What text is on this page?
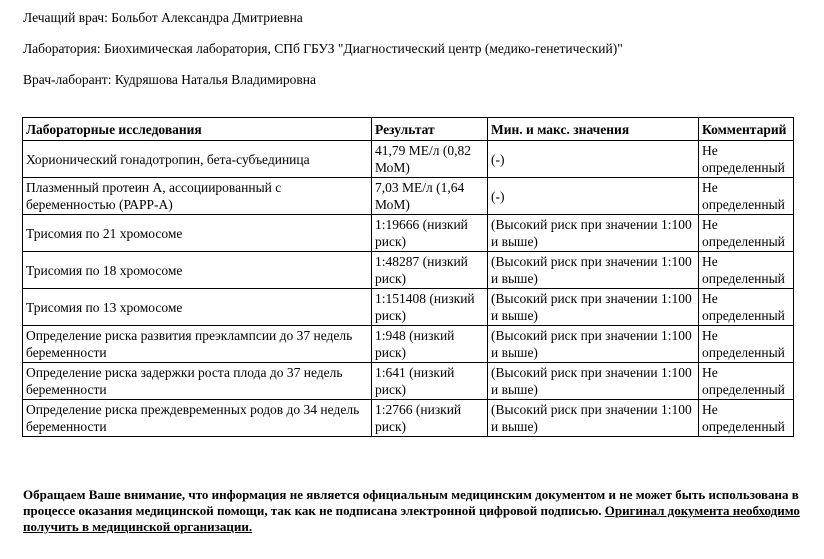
Лечащий врач: Больбот Александра Дмитриевна
Лаборатория: Биохимическая лаборатория, СПб ГБУЗ "Диагностический центр (медико-генетический)"
Врач-лаборант: Кудряшова Наталья Владимировна
Лабораторные исследования	Результат	Мин. и макс. значения	Комментарий
Хорионический гонадотропин, бета-субъединица	41,79 МЕ/л (0,82 МоМ)	(-)	Не определенный
Плазменный протеин А, ассоциированный с беременностью (РАРР-А)	7,03 МЕ/л (1,64 МоМ)	(-)	Не определенный
Трисомия по 21 хромосоме	1:19666 (низкий риск)	(Высокий риск при значении 1:100 и выше)	Не определенный
Трисомия по 18 хромосоме	1:48287 (низкий риск)	(Высокий риск при значении 1:100 и выше)	Не определенный
Трисомия по 13 хромосоме	1:151408 (низкий риск)	(Высокий риск при значении 1:100 и выше)	Не определенный
Определение риска развития преэклампсии до 37 недель беременности	1:948 (низкий риск)	(Высокий риск при значении 1:100 и выше)	Не определенный
Определение риска задержки роста плода до 37 недель беременности	1:641 (низкий риск)	(Высокий риск при значении 1:100 и выше)	Не определенный
Определение риска преждевременных родов до 34 недель беременности	1:2766 (низкий риск)	(Высокий риск при значении 1:100 и выше)	Не определенный
Обращаем Ваше внимание, что информация не является официальным медицинским документом и не может быть использована в процессе оказания медицинской помощи, так как не подписана электронной цифровой подписью. Оригинал документа необходимо получить в медицинской организации.
